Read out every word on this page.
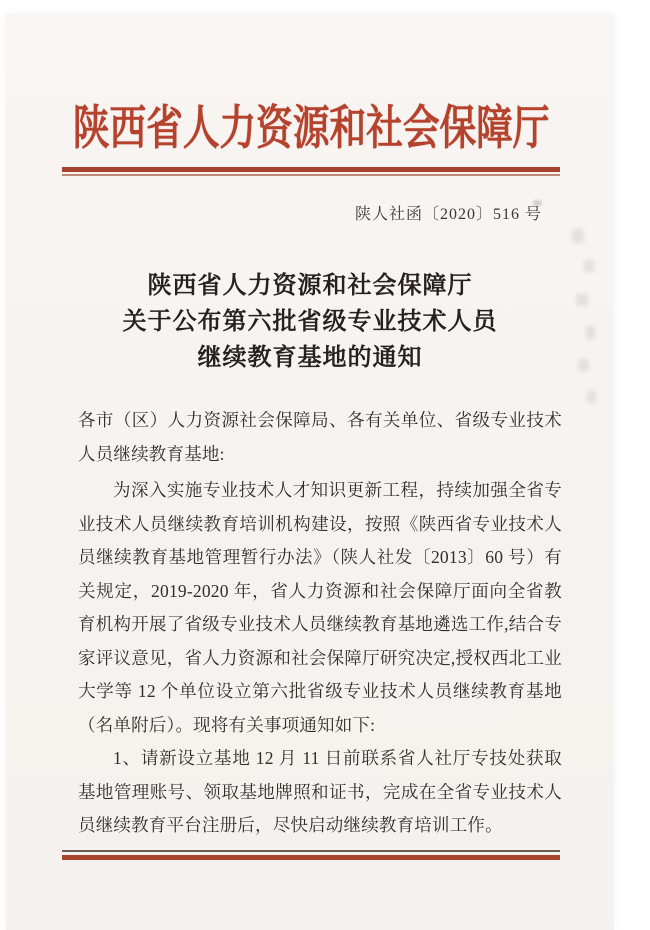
陕西省人力资源和社会保障厅
陕人社函〔2020〕516 号
陕西省人力资源和社会保障厅
关于公布第六批省级专业技术人员
继续教育基地的通知

各市（区）人力资源社会保障局、各有关单位、省级专业技术人员继续教育基地:

为深入实施专业技术人才知识更新工程，持续加强全省专业技术人员继续教育培训机构建设，按照《陕西省专业技术人员继续教育基地管理暂行办法》（陕人社发〔2013〕60 号）有关规定，2019-2020 年，省人力资源和社会保障厅面向全省教育机构开展了省级专业技术人员继续教育基地遴选工作,结合专家评议意见，省人力资源和社会保障厅研究决定,授权西北工业大学等 12 个单位设立第六批省级专业技术人员继续教育基地（名单附后）。现将有关事项通知如下:

1、请新设立基地 12 月 11 日前联系省人社厅专技处获取基地管理账号、领取基地牌照和证书，完成在全省专业技术人员继续教育平台注册后，尽快启动继续教育培训工作。
